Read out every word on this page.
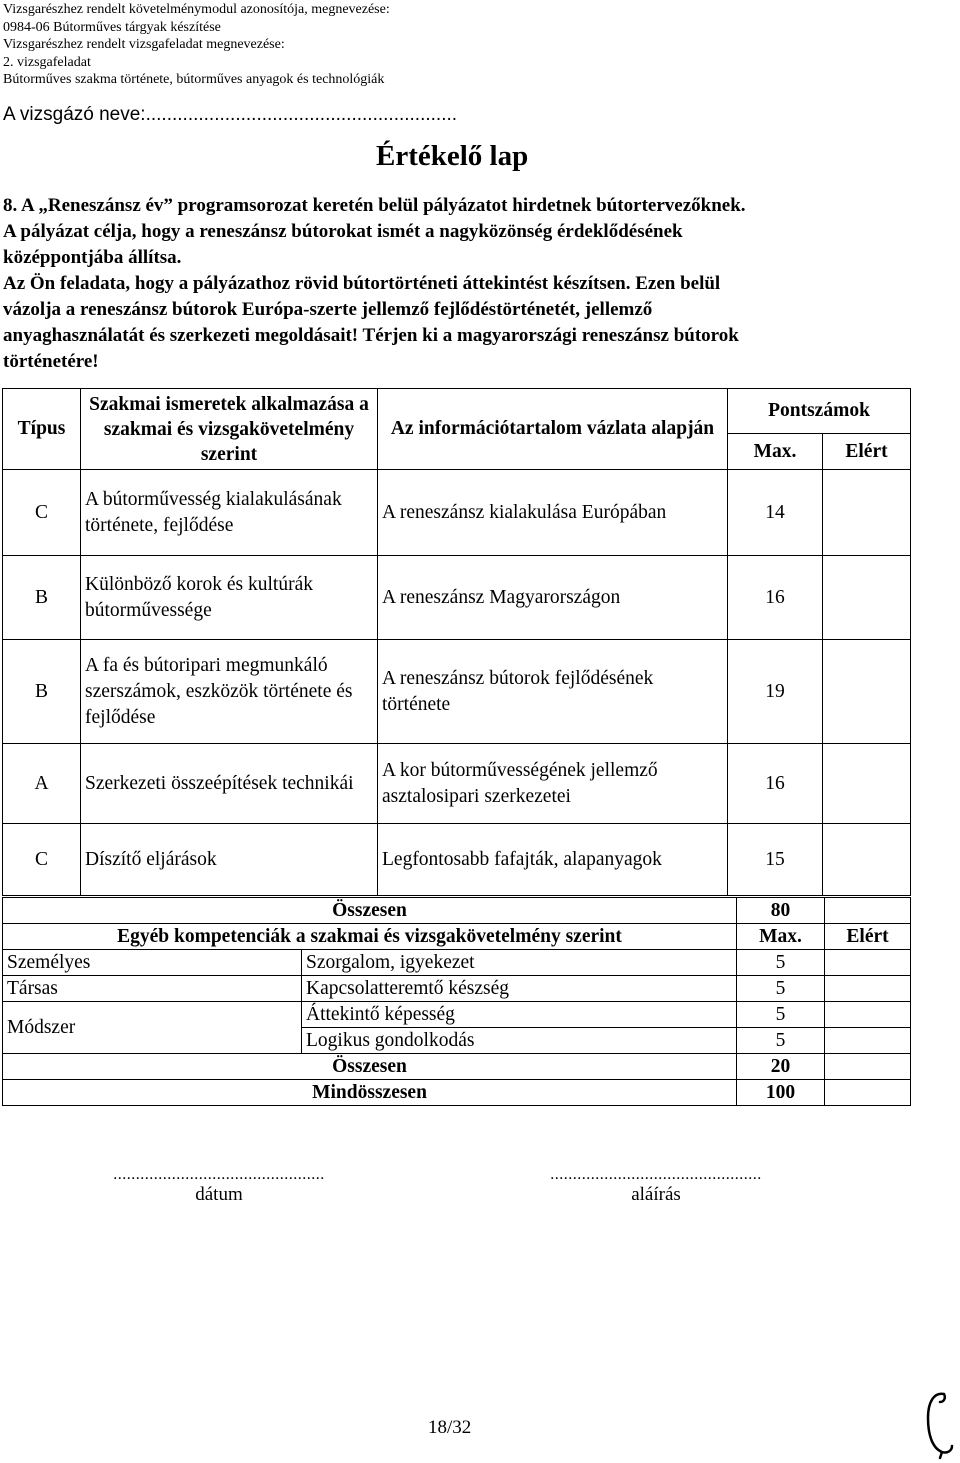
Vizsgarészhez rendelt követelménymodul azonosítója, megnevezése:
0984-06 Bútorműves tárgyak készítése
Vizsgarészhez rendelt vizsgafeladat megnevezése:
2. vizsgafeladat
Bútorműves szakma története, bútorműves anyagok és technológiák
A vizsgázó neve:...........................................................
Értékelő lap
8. A „Reneszánsz év” programsorozat keretén belül pályázatot hirdetnek bútortervezőknek.
A pályázat célja, hogy a reneszánsz bútorokat ismét a nagyközönség érdeklődésének
középpontjába állítsa.
Az Ön feladata, hogy a pályázathoz rövid bútortörténeti áttekintést készítsen. Ezen belül
vázolja a reneszánsz bútorok Európa-szerte jellemző fejlődéstörténetét, jellemző
anyaghasználatát és szerkezeti megoldásait! Térjen ki a magyarországi reneszánsz bútorok
történetére!
Típus	Szakmai ismeretek alkalmazása a szakmai és vizsgakövetelmény szerint	Az információtartalom vázlata alapján	Pontszámok	
			Max.	Elért
C	A bútorművesség kialakulásának története, fejlődése	A reneszánsz kialakulása Európában	14	
B	Különböző korok és kultúrák bútorművessége	A reneszánsz Magyarországon	16	
B	A fa és bútoripari megmunkáló szerszámok, eszközök története és fejlődése	A reneszánsz bútorok fejlődésének története	19	
A	Szerkezeti összeépítések technikái	A kor bútorművességének jellemző asztalosipari szerkezetei	16	
C	Díszítő eljárások	Legfontosabb fafajták, alapanyagok	15	
Összesen		80	
Egyéb kompetenciák a szakmai és vizsgakövetelmény szerint		Max.	Elért
Személyes	Szorgalom, igyekezet	5	
Társas	Kapcsolatteremtő készség	5	
Módszer	Áttekintő képesség	5	
	Logikus gondolkodás	5	
Összesen		20	
Mindösszesen		100	
...............................................
dátum
...............................................
aláírás
18/32
